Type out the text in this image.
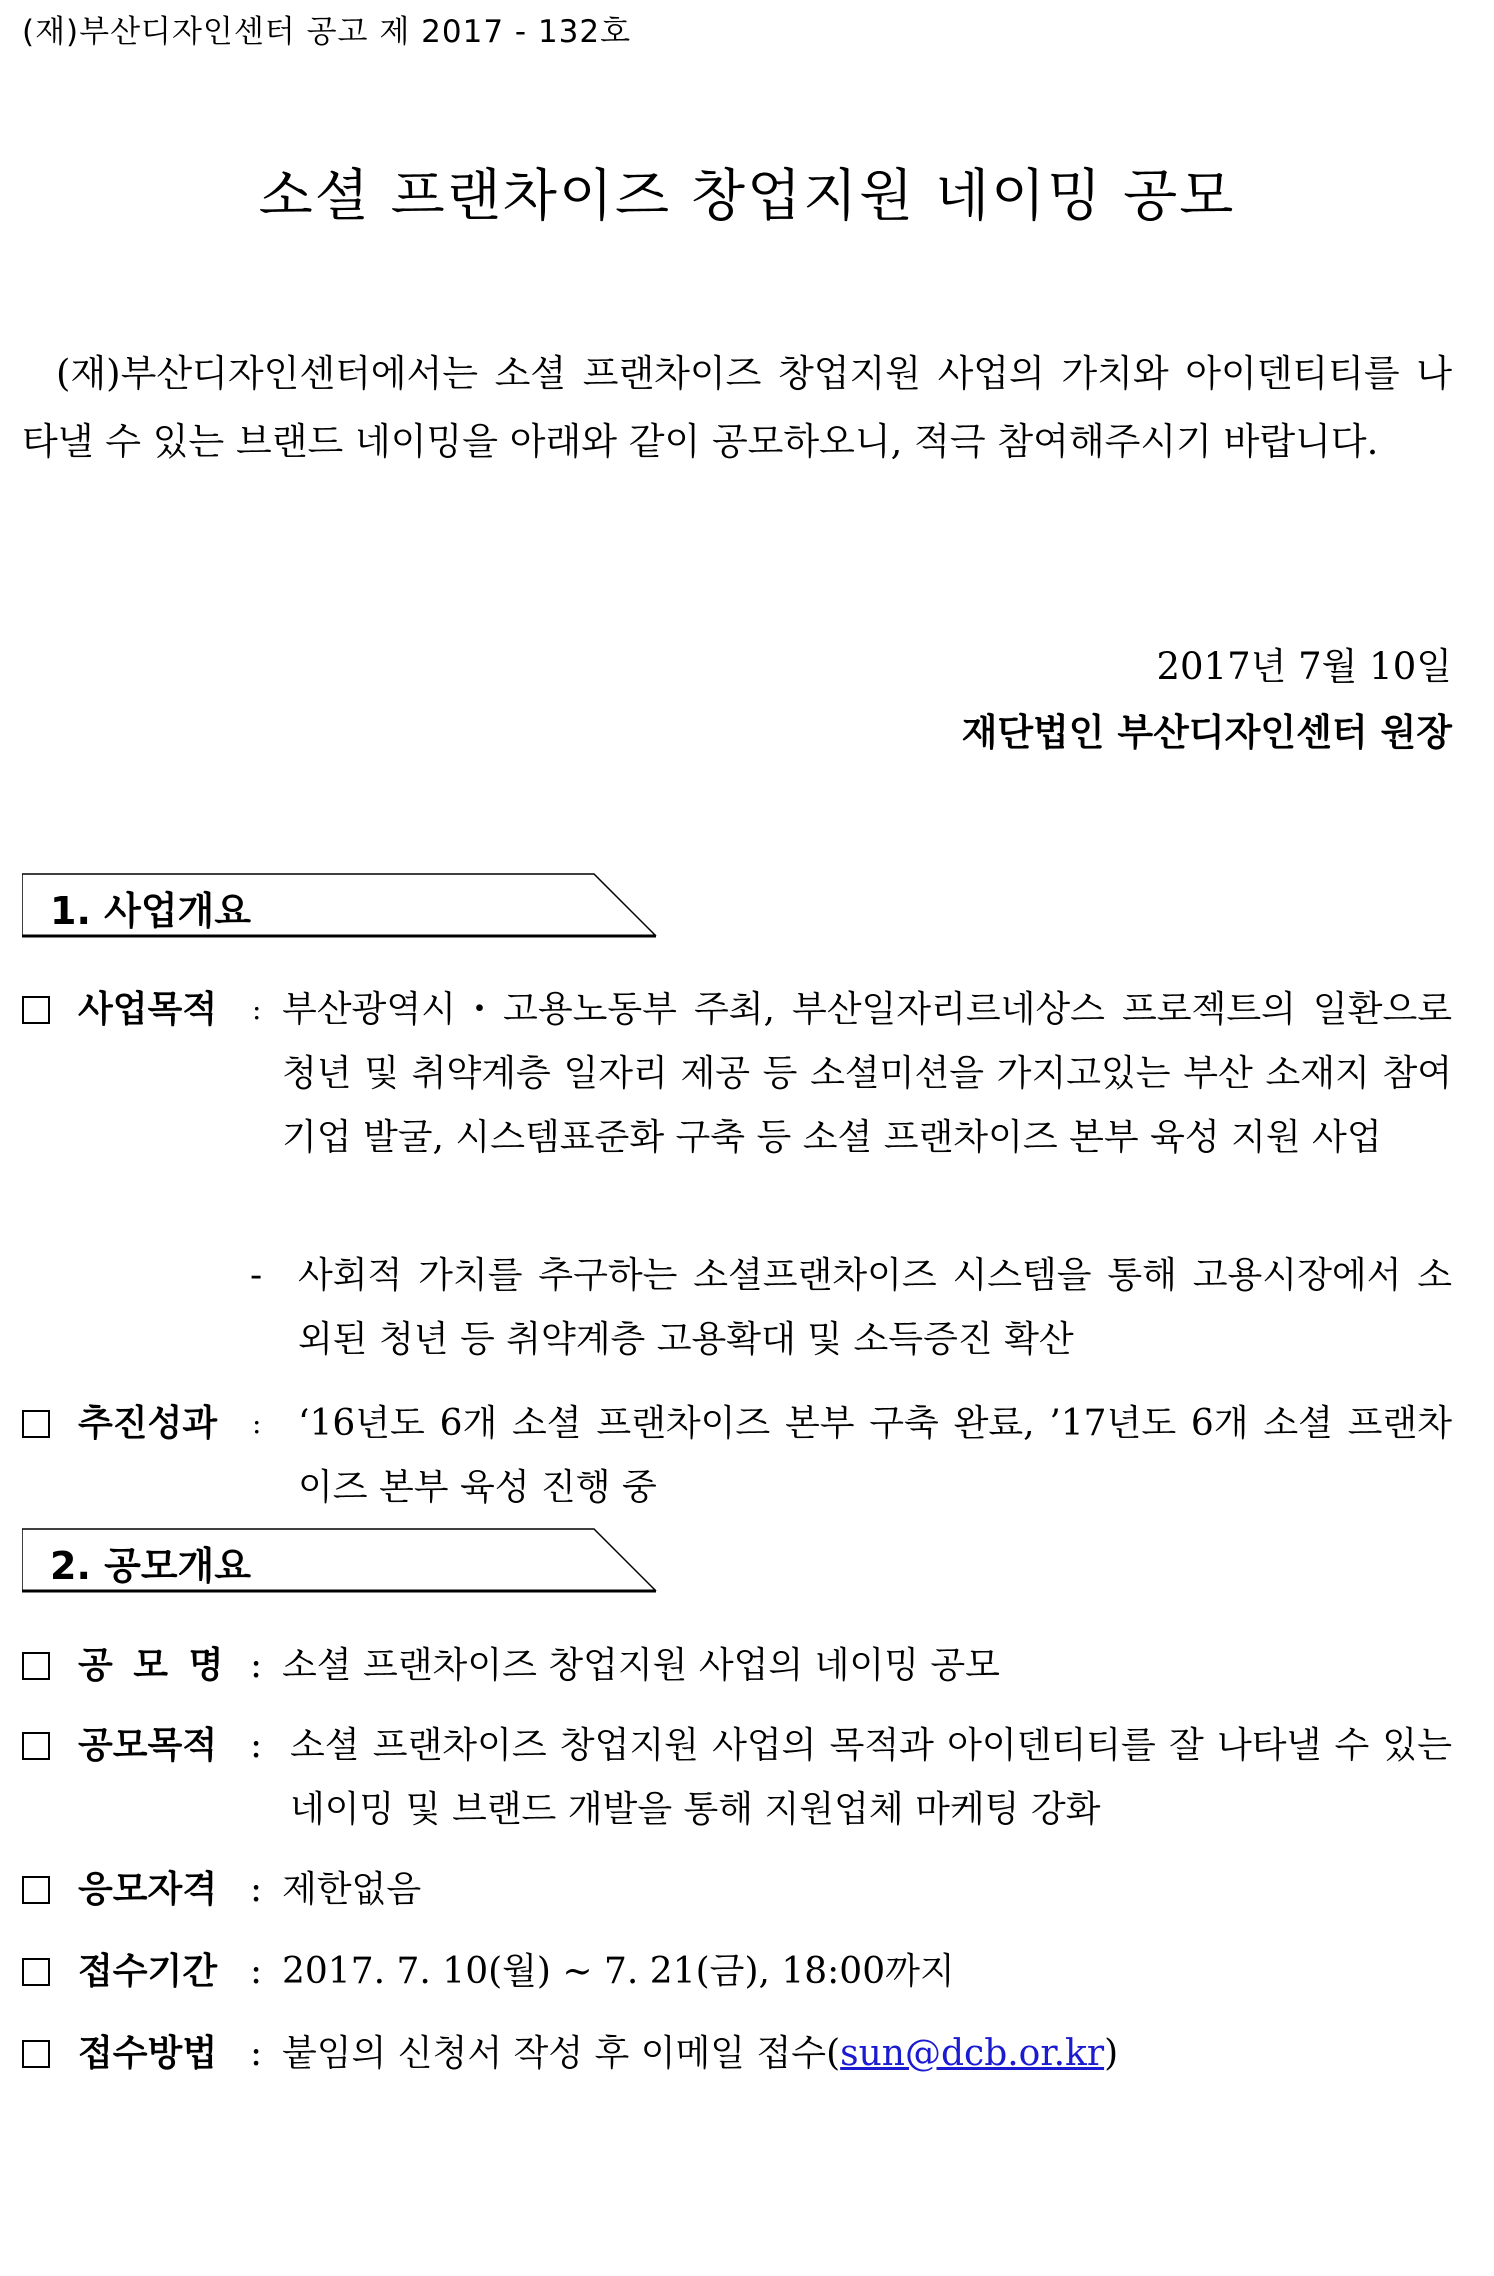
(재)부산디자인센터 공고 제 2017 - 132호
소셜 프랜차이즈 창업지원 네이밍 공모
(재)부산디자인센터에서는 소셜 프랜차이즈 창업지원 사업의 가치와 아이덴티티를 나타낼 수 있는 브랜드 네이밍을 아래와 같이 공모하오니, 적극 참여해주시기 바랍니다.
2017년 7월 10일
재단법인 부산디자인센터 원장
1. 사업개요
사업목적 : 부산광역시・고용노동부 주최, 부산일자리르네상스 프로젝트의 일환으로 청년 및 취약계층 일자리 제공 등 소셜미션을 가지고있는 부산 소재지 참여기업 발굴, 시스템표준화 구축 등 소셜 프랜차이즈 본부 육성 지원 사업
- 사회적 가치를 추구하는 소셜프랜차이즈 시스템을 통해 고용시장에서 소외된 청년 등 취약계층 고용확대 및 소득증진 확산
추진성과 : ‘16년도 6개 소셜 프랜차이즈 본부 구축 완료, ’17년도 6개 소셜 프랜차이즈 본부 육성 진행 중
2. 공모개요
공 모 명 : 소셜 프랜차이즈 창업지원 사업의 네이밍 공모
공모목적 : 소셜 프랜차이즈 창업지원 사업의 목적과 아이덴티티를 잘 나타낼 수 있는 네이밍 및 브랜드 개발을 통해 지원업체 마케팅 강화
응모자격 : 제한없음
접수기간 : 2017. 7. 10(월) ~ 7. 21(금), 18:00까지
접수방법 : 붙임의 신청서 작성 후 이메일 접수(sun@dcb.or.kr)
